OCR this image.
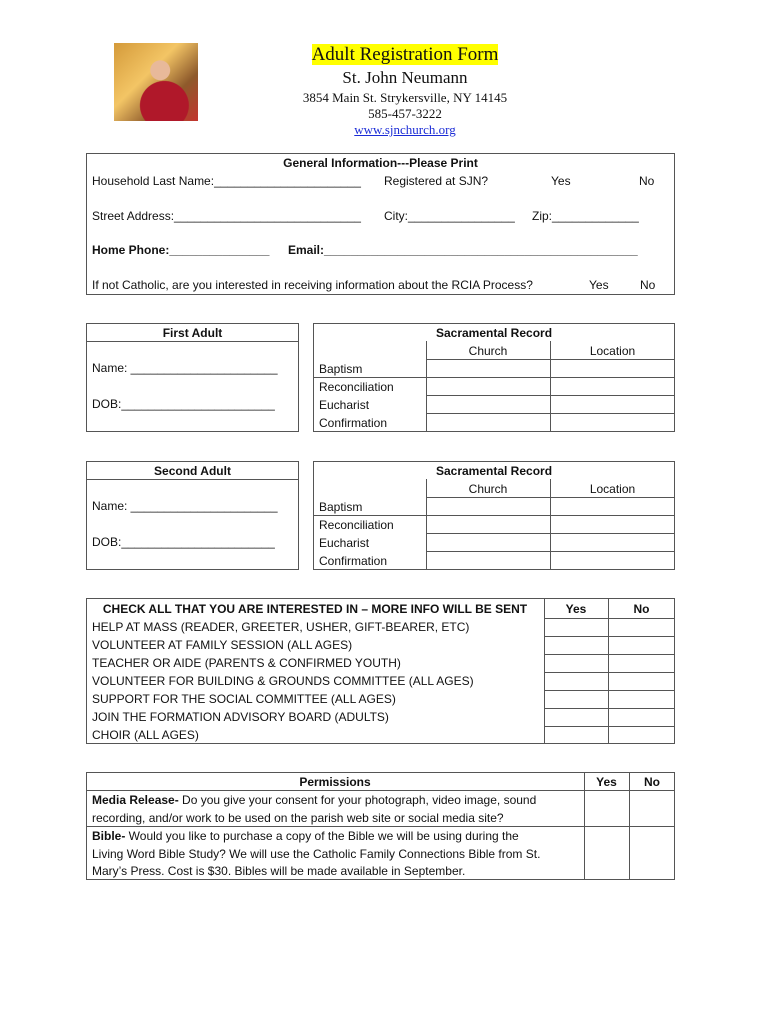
Adult Registration Form
St. John Neumann
3854 Main St. Strykersville, NY 14145
585-457-3222
www.sjnchurch.org
General Information---Please Print
Household Last Name:______________________ Registered at SJN?	Yes	No
Street Address:____________________________ City:________________ Zip:_____________
Home Phone:_______________ Email:_______________________________________________
If not Catholic, are you interested in receiving information about the RCIA Process?	Yes	No
First Adult
Name: ______________________
DOB:_______________________
Sacramental Record
Church	Location
Baptism
Reconciliation
Eucharist
Confirmation
Second Adult
Name: ______________________
DOB:_______________________
Sacramental Record
Church	Location
Baptism
Reconciliation
Eucharist
Confirmation
CHECK ALL THAT YOU ARE INTERESTED IN – MORE INFO WILL BE SENT	Yes	No
HELP AT MASS (READER, GREETER, USHER, GIFT-BEARER, ETC)
VOLUNTEER AT FAMILY SESSION (ALL AGES)
TEACHER OR AIDE (PARENTS & CONFIRMED YOUTH)
VOLUNTEER FOR BUILDING & GROUNDS COMMITTEE (ALL AGES)
SUPPORT FOR THE SOCIAL COMMITTEE (ALL AGES)
JOIN THE FORMATION ADVISORY BOARD (ADULTS)
CHOIR (ALL AGES)
Permissions	Yes	No
Media Release- Do you give your consent for your photograph, video image, sound
recording, and/or work to be used on the parish web site or social media site?
Bible- Would you like to purchase a copy of the Bible we will be using during the
Living Word Bible Study? We will use the Catholic Family Connections Bible from St.
Mary’s Press. Cost is $30. Bibles will be made available in September.
